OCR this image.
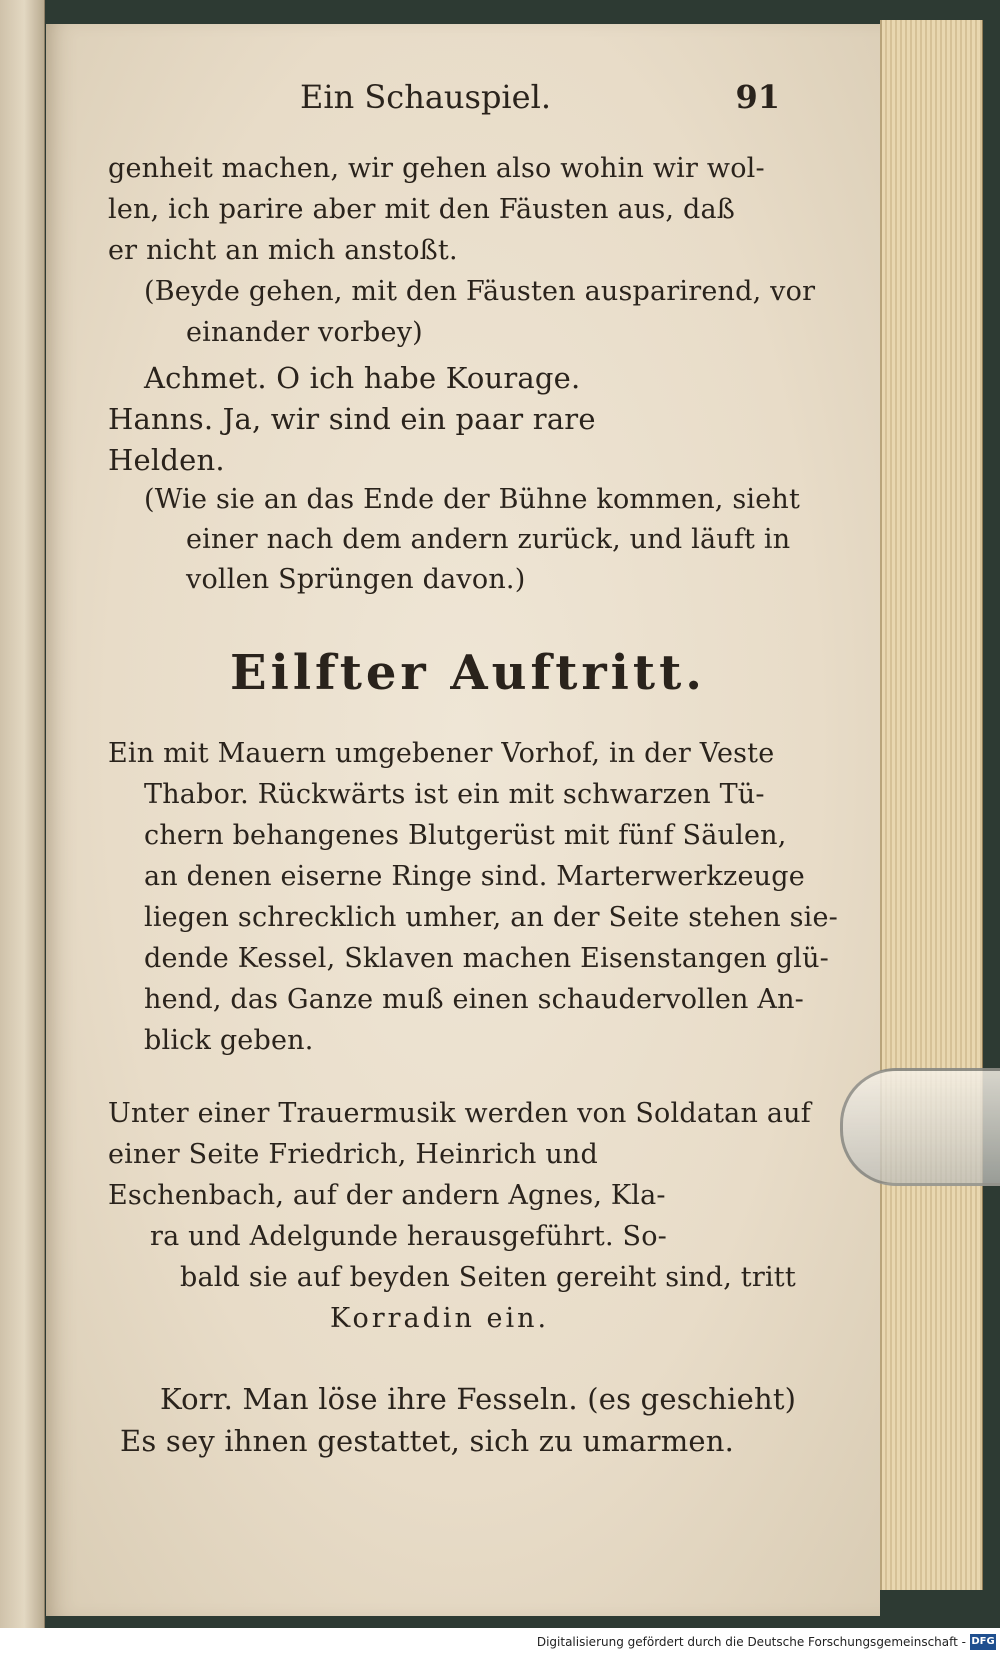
Ein Schauspiel.	91
genheit machen, wir gehen also wohin wir wol-
len, ich parire aber mit den Fäusten aus, daß
er nicht an mich anstoßt.
(Beyde gehen, mit den Fäusten ausparirend, vor
einander vorbey)
Achmet. O ich habe Kourage.
Hanns. Ja, wir sind ein paar rare
Helden.
(Wie sie an das Ende der Bühne kommen, sieht
einer nach dem andern zurück, und läuft in
vollen Sprüngen davon.)
Eilfter Auftritt.
Ein mit Mauern umgebener Vorhof, in der Veste
Thabor. Rückwärts ist ein mit schwarzen Tü-
chern behangenes Blutgerüst mit fünf Säulen,
an denen eiserne Ringe sind. Marterwerkzeuge
liegen schrecklich umher, an der Seite stehen sie-
dende Kessel, Sklaven machen Eisenstangen glü-
hend, das Ganze muß einen schaudervollen An-
blick geben.
Unter einer Trauermusik werden von Soldatan auf
einer Seite Friedrich, Heinrich und
Eschenbach, auf der andern Agnes, Kla-
ra und Adelgunde herausgeführt. So-
bald sie auf beyden Seiten gereiht sind, tritt
Korradin ein.
Korr. Man löse ihre Fesseln. (es geschieht)
Es sey ihnen gestattet, sich zu umarmen.
Digitalisierung gefördert durch die Deutsche Forschungsgemeinschaft - DFG
